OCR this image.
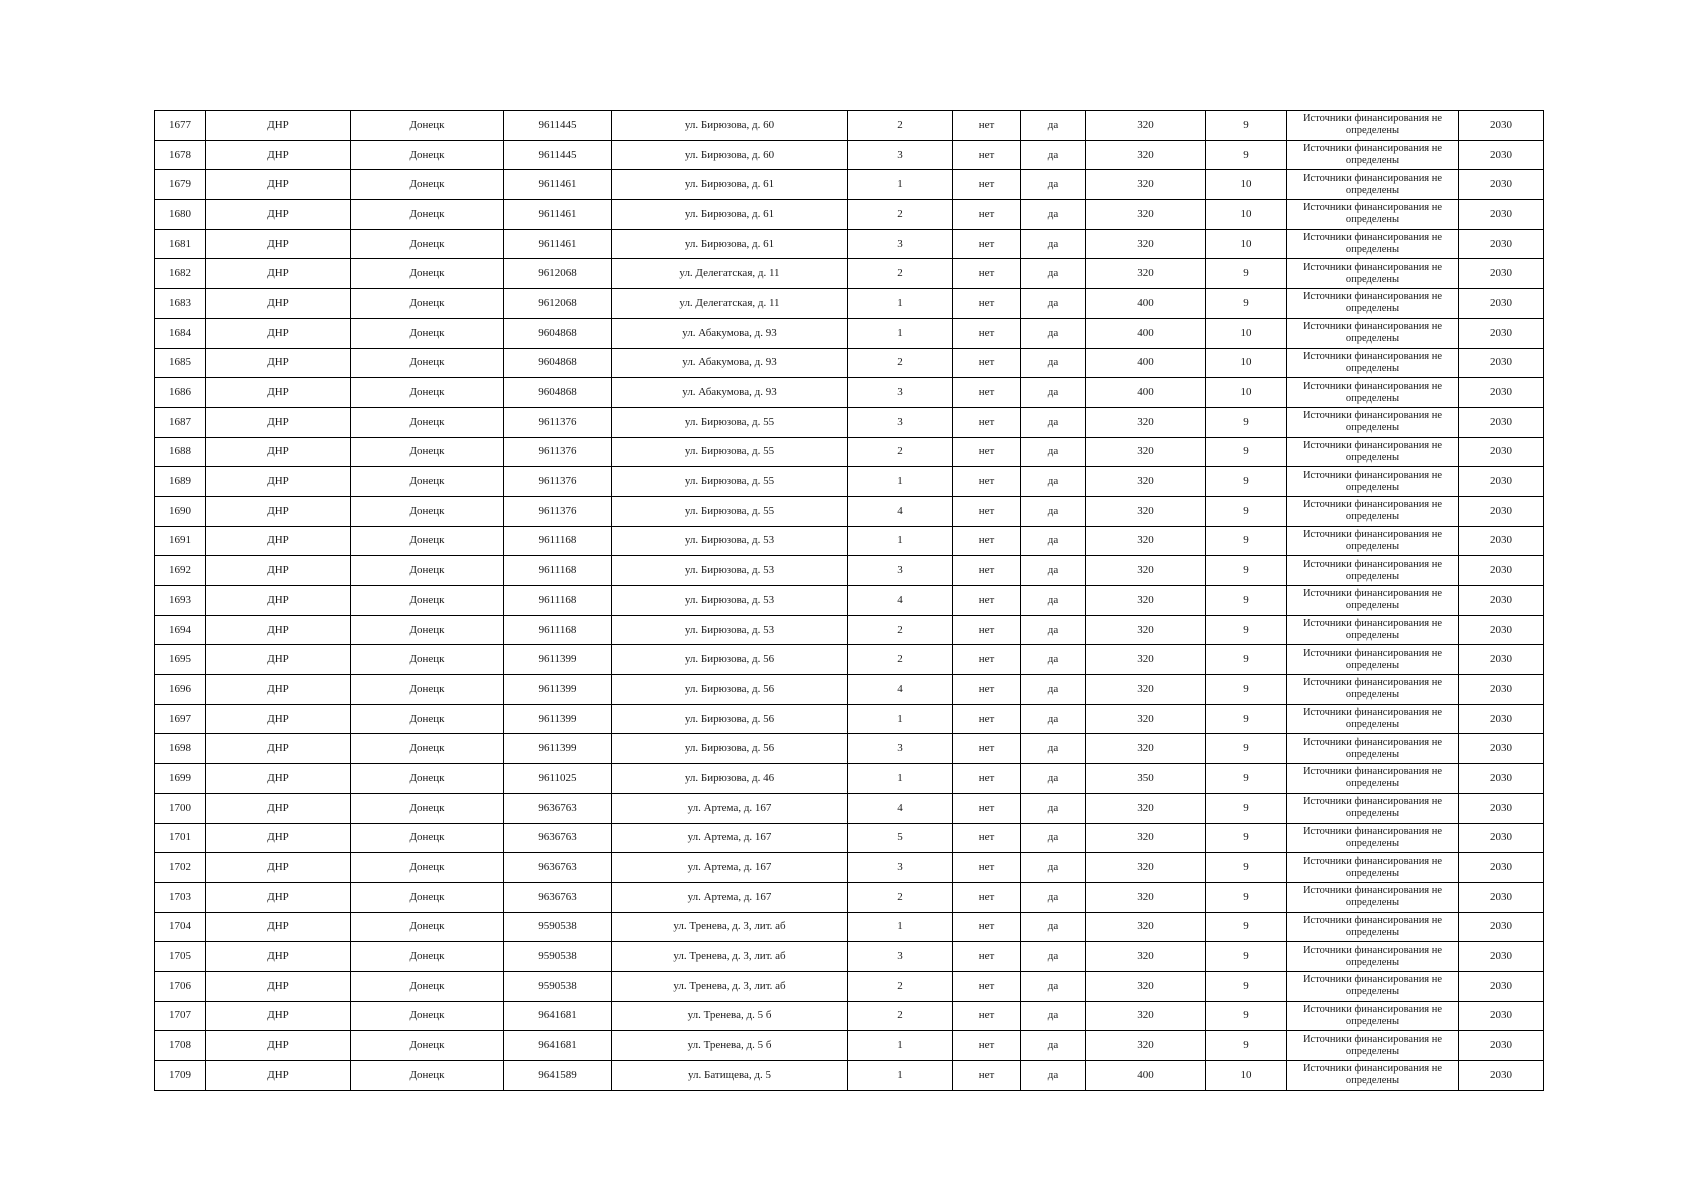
1677	ДНР	Донецк	9611445	ул. Бирюзова, д. 60	2	нет	да	320	9	Источники финансирования не определены	2030
1678	ДНР	Донецк	9611445	ул. Бирюзова, д. 60	3	нет	да	320	9	Источники финансирования не определены	2030
1679	ДНР	Донецк	9611461	ул. Бирюзова, д. 61	1	нет	да	320	10	Источники финансирования не определены	2030
1680	ДНР	Донецк	9611461	ул. Бирюзова, д. 61	2	нет	да	320	10	Источники финансирования не определены	2030
1681	ДНР	Донецк	9611461	ул. Бирюзова, д. 61	3	нет	да	320	10	Источники финансирования не определены	2030
1682	ДНР	Донецк	9612068	ул. Делегатская, д. 11	2	нет	да	320	9	Источники финансирования не определены	2030
1683	ДНР	Донецк	9612068	ул. Делегатская, д. 11	1	нет	да	400	9	Источники финансирования не определены	2030
1684	ДНР	Донецк	9604868	ул. Абакумова, д. 93	1	нет	да	400	10	Источники финансирования не определены	2030
1685	ДНР	Донецк	9604868	ул. Абакумова, д. 93	2	нет	да	400	10	Источники финансирования не определены	2030
1686	ДНР	Донецк	9604868	ул. Абакумова, д. 93	3	нет	да	400	10	Источники финансирования не определены	2030
1687	ДНР	Донецк	9611376	ул. Бирюзова, д. 55	3	нет	да	320	9	Источники финансирования не определены	2030
1688	ДНР	Донецк	9611376	ул. Бирюзова, д. 55	2	нет	да	320	9	Источники финансирования не определены	2030
1689	ДНР	Донецк	9611376	ул. Бирюзова, д. 55	1	нет	да	320	9	Источники финансирования не определены	2030
1690	ДНР	Донецк	9611376	ул. Бирюзова, д. 55	4	нет	да	320	9	Источники финансирования не определены	2030
1691	ДНР	Донецк	9611168	ул. Бирюзова, д. 53	1	нет	да	320	9	Источники финансирования не определены	2030
1692	ДНР	Донецк	9611168	ул. Бирюзова, д. 53	3	нет	да	320	9	Источники финансирования не определены	2030
1693	ДНР	Донецк	9611168	ул. Бирюзова, д. 53	4	нет	да	320	9	Источники финансирования не определены	2030
1694	ДНР	Донецк	9611168	ул. Бирюзова, д. 53	2	нет	да	320	9	Источники финансирования не определены	2030
1695	ДНР	Донецк	9611399	ул. Бирюзова, д. 56	2	нет	да	320	9	Источники финансирования не определены	2030
1696	ДНР	Донецк	9611399	ул. Бирюзова, д. 56	4	нет	да	320	9	Источники финансирования не определены	2030
1697	ДНР	Донецк	9611399	ул. Бирюзова, д. 56	1	нет	да	320	9	Источники финансирования не определены	2030
1698	ДНР	Донецк	9611399	ул. Бирюзова, д. 56	3	нет	да	320	9	Источники финансирования не определены	2030
1699	ДНР	Донецк	9611025	ул. Бирюзова, д. 46	1	нет	да	350	9	Источники финансирования не определены	2030
1700	ДНР	Донецк	9636763	ул. Артема, д. 167	4	нет	да	320	9	Источники финансирования не определены	2030
1701	ДНР	Донецк	9636763	ул. Артема, д. 167	5	нет	да	320	9	Источники финансирования не определены	2030
1702	ДНР	Донецк	9636763	ул. Артема, д. 167	3	нет	да	320	9	Источники финансирования не определены	2030
1703	ДНР	Донецк	9636763	ул. Артема, д. 167	2	нет	да	320	9	Источники финансирования не определены	2030
1704	ДНР	Донецк	9590538	ул. Тренева, д. 3, лит. аб	1	нет	да	320	9	Источники финансирования не определены	2030
1705	ДНР	Донецк	9590538	ул. Тренева, д. 3, лит. аб	3	нет	да	320	9	Источники финансирования не определены	2030
1706	ДНР	Донецк	9590538	ул. Тренева, д. 3, лит. аб	2	нет	да	320	9	Источники финансирования не определены	2030
1707	ДНР	Донецк	9641681	ул. Тренева, д. 5 б	2	нет	да	320	9	Источники финансирования не определены	2030
1708	ДНР	Донецк	9641681	ул. Тренева, д. 5 б	1	нет	да	320	9	Источники финансирования не определены	2030
1709	ДНР	Донецк	9641589	ул. Батищева, д. 5	1	нет	да	400	10	Источники финансирования не определены	2030
